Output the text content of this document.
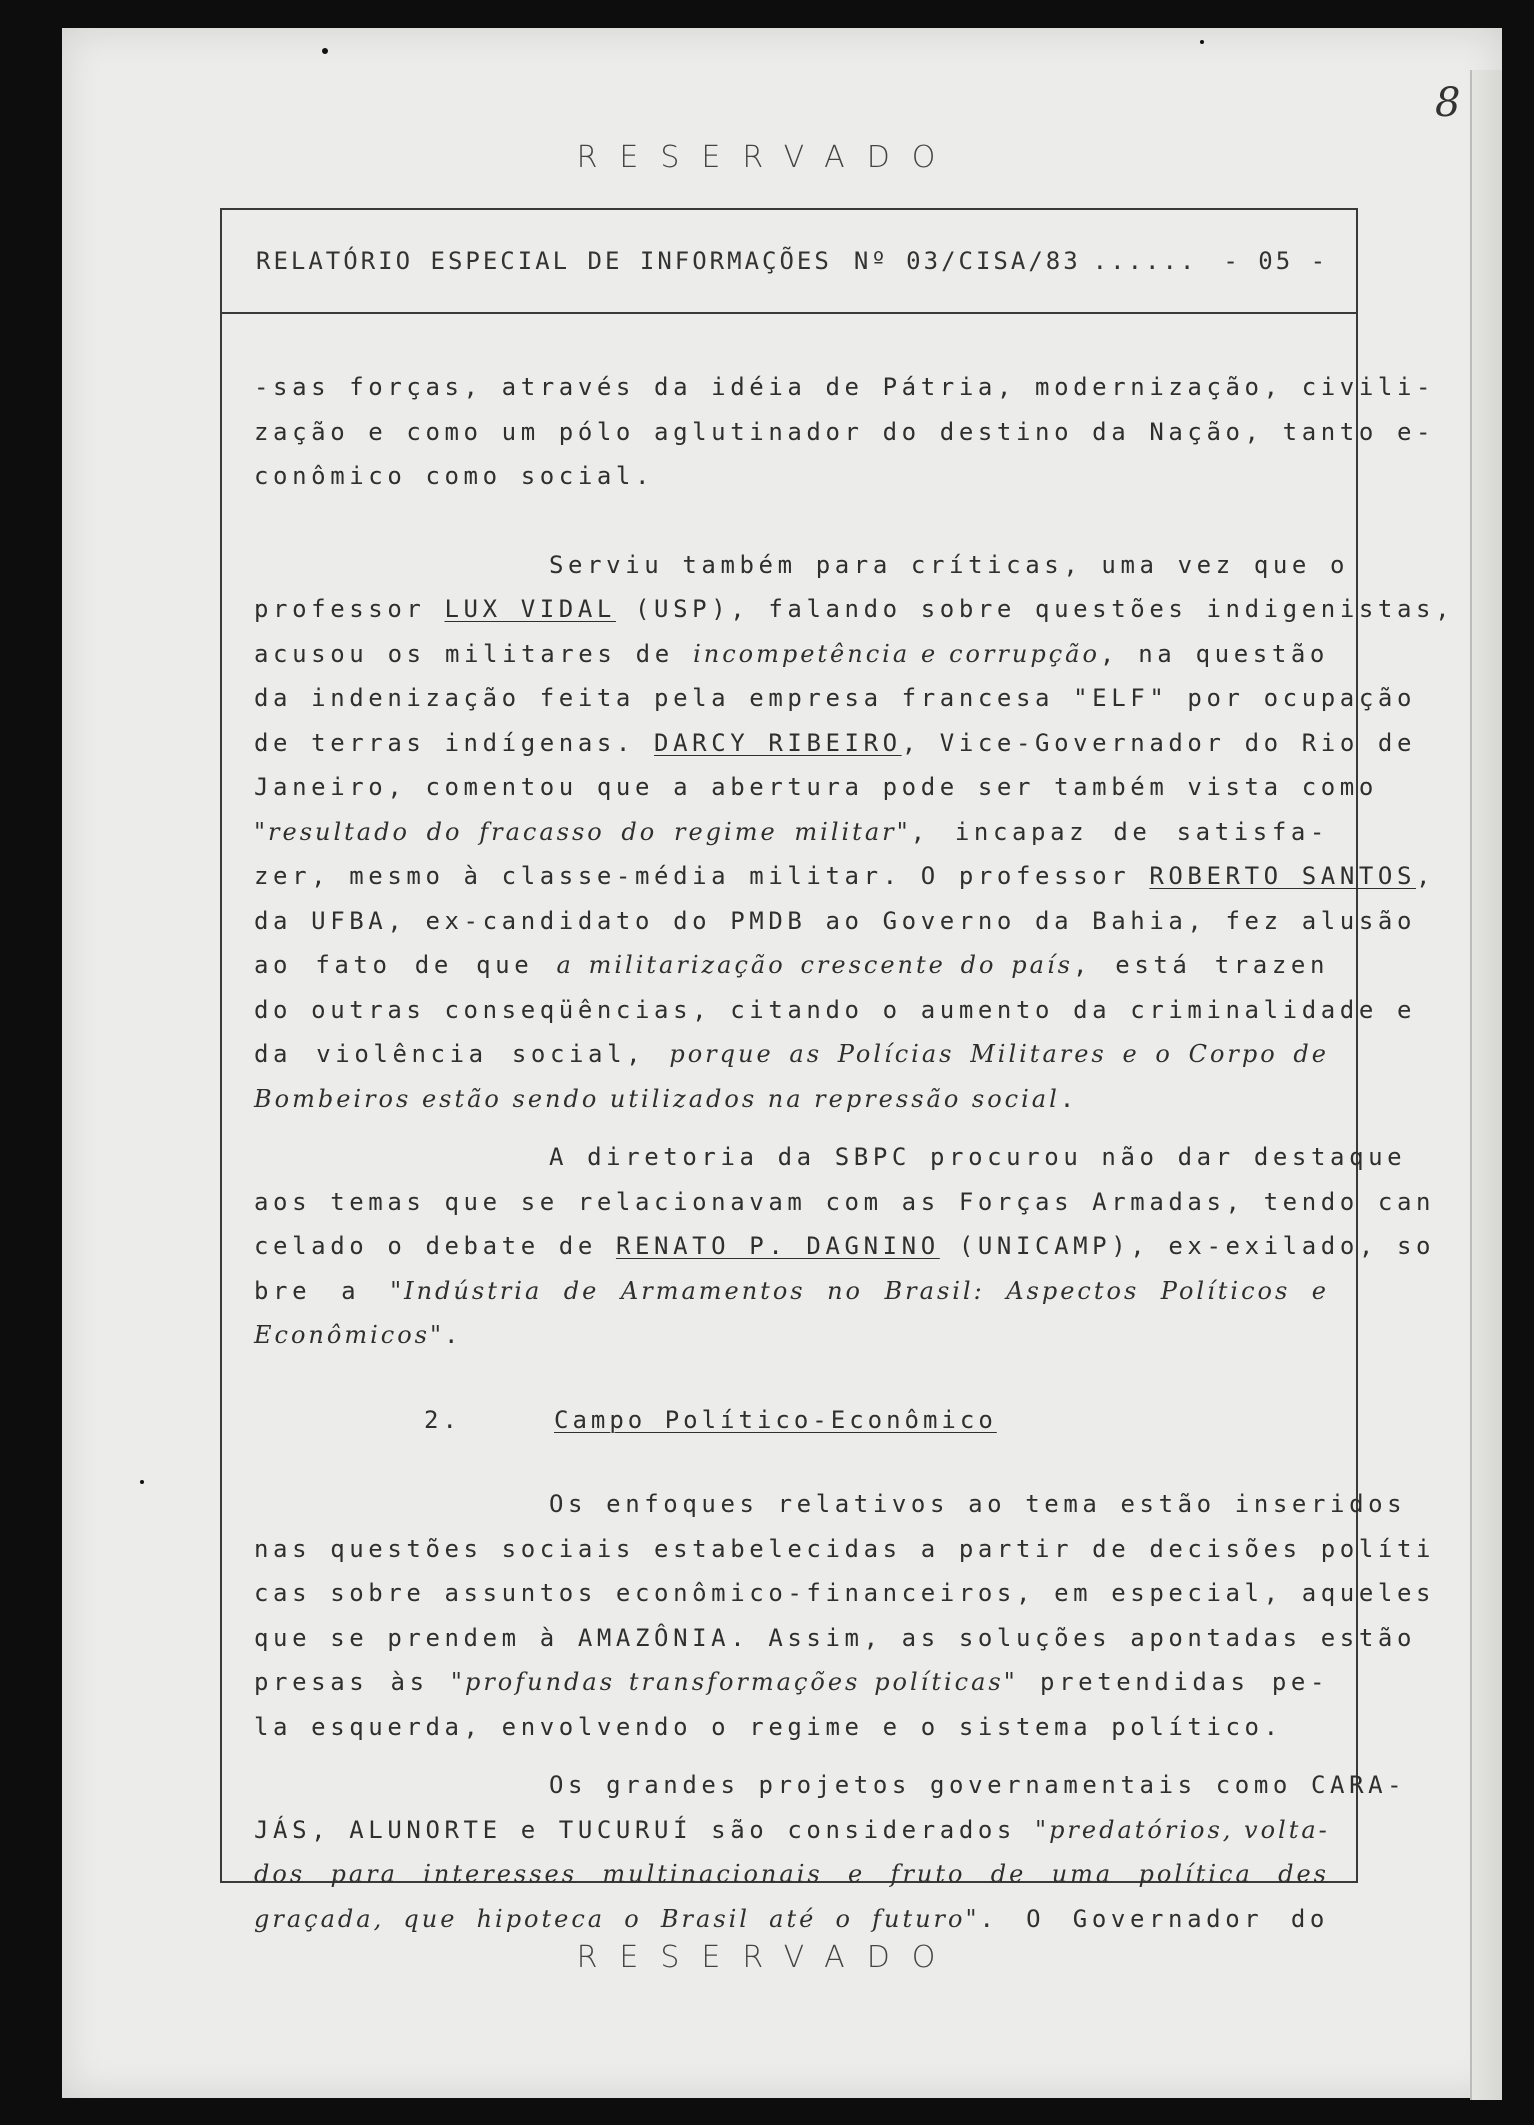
8
RESERVADO
RELATÓRIO ESPECIAL DE INFORMAÇÕES Nº 03/CISA/83 ...... - 05 -
-sas forças, através da idéia de Pátria, modernização, civili-
zação e como um pólo aglutinador do destino da Nação, tanto e-
conômico como social.
Serviu também para críticas, uma vez que o
professor LUX VIDAL (USP), falando sobre questões indigenistas,
acusou os militares de incompetência e corrupção, na questão
da indenização feita pela empresa francesa "ELF" por ocupação
de terras indígenas. DARCY RIBEIRO, Vice-Governador do Rio de
Janeiro, comentou que a abertura pode ser também vista como
"resultado do fracasso do regime militar", incapaz de satisfa-
zer, mesmo à classe-média militar. O professor ROBERTO SANTOS,
da UFBA, ex-candidato do PMDB ao Governo da Bahia, fez alusão
ao fato de que a militarização crescente do país, está trazen
do outras conseqüências, citando o aumento da criminalidade e
da violência social, porque as Polícias Militares e o Corpo de
Bombeiros estão sendo utilizados na repressão social.
A diretoria da SBPC procurou não dar destaque
aos temas que se relacionavam com as Forças Armadas, tendo can
celado o debate de RENATO P. DAGNINO (UNICAMP), ex-exilado, so
bre a "Indústria de Armamentos no Brasil: Aspectos Políticos e
Econômicos".
2.	Campo Político-Econômico
Os enfoques relativos ao tema estão inseridos
nas questões sociais estabelecidas a partir de decisões políti
cas sobre assuntos econômico-financeiros, em especial, aqueles
que se prendem à AMAZÔNIA. Assim, as soluções apontadas estão
presas às "profundas transformações políticas" pretendidas pe-
la esquerda, envolvendo o regime e o sistema político.
Os grandes projetos governamentais como CARA-
JÁS, ALUNORTE e TUCURUÍ são considerados "predatórios, volta-
dos para interesses multinacionais e fruto de uma política des
graçada, que hipoteca o Brasil até o futuro". O Governador do
RESERVADO
